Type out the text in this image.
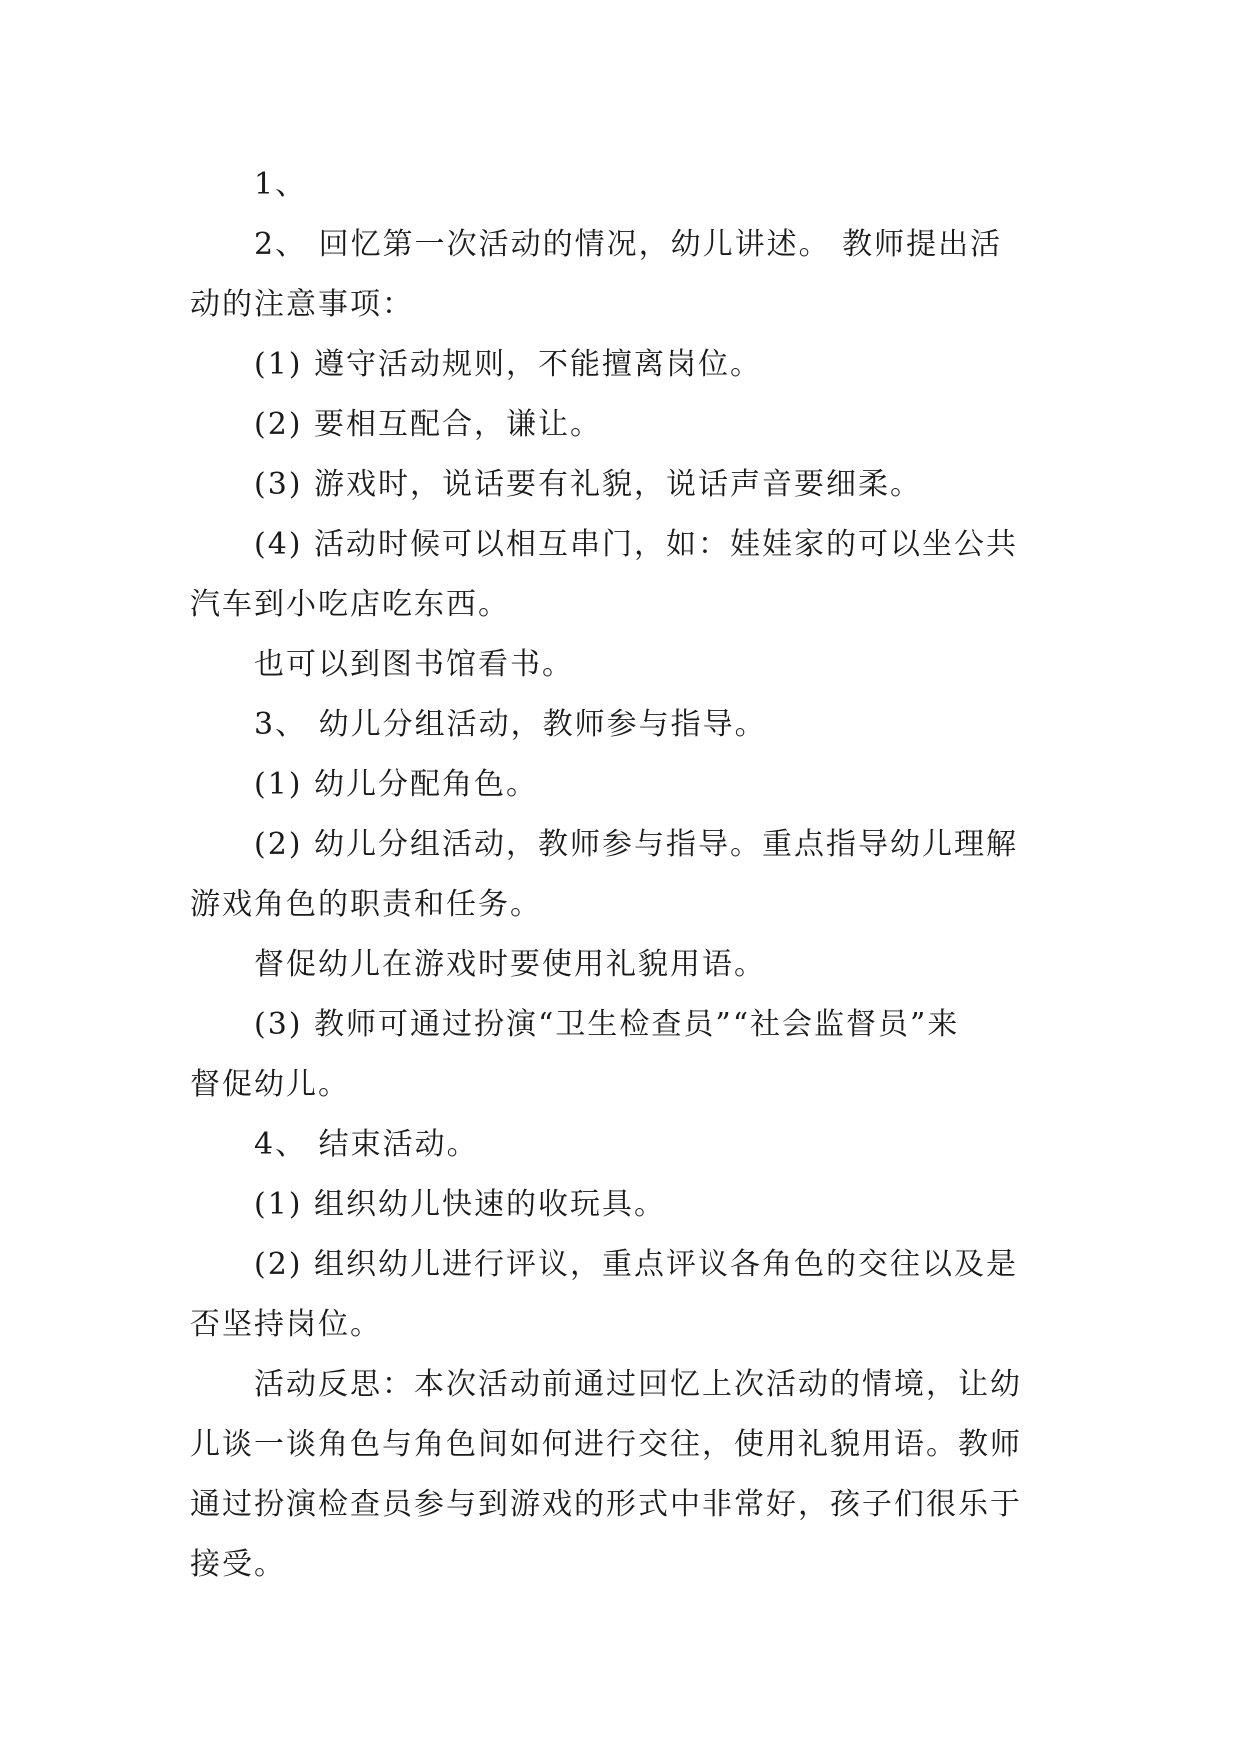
1、

2、 回忆第一次活动的情况，幼儿讲述。 教师提出活
动的注意事项：

(1) 遵守活动规则，不能擅离岗位。

(2) 要相互配合，谦让。

(3) 游戏时，说话要有礼貌，说话声音要细柔。

(4) 活动时候可以相互串门，如：娃娃家的可以坐公共
汽车到小吃店吃东西。

也可以到图书馆看书。

3、 幼儿分组活动，教师参与指导。

(1) 幼儿分配角色。

(2) 幼儿分组活动，教师参与指导。重点指导幼儿理解
游戏角色的职责和任务。

督促幼儿在游戏时要使用礼貌用语。

(3) 教师可通过扮演“卫生检查员”“社会监督员”来
督促幼儿。

4、 结束活动。

(1) 组织幼儿快速的收玩具。

(2) 组织幼儿进行评议，重点评议各角色的交往以及是
否坚持岗位。

活动反思：本次活动前通过回忆上次活动的情境，让幼
儿谈一谈角色与角色间如何进行交往，使用礼貌用语。教师
通过扮演检查员参与到游戏的形式中非常好，孩子们很乐于
接受。
